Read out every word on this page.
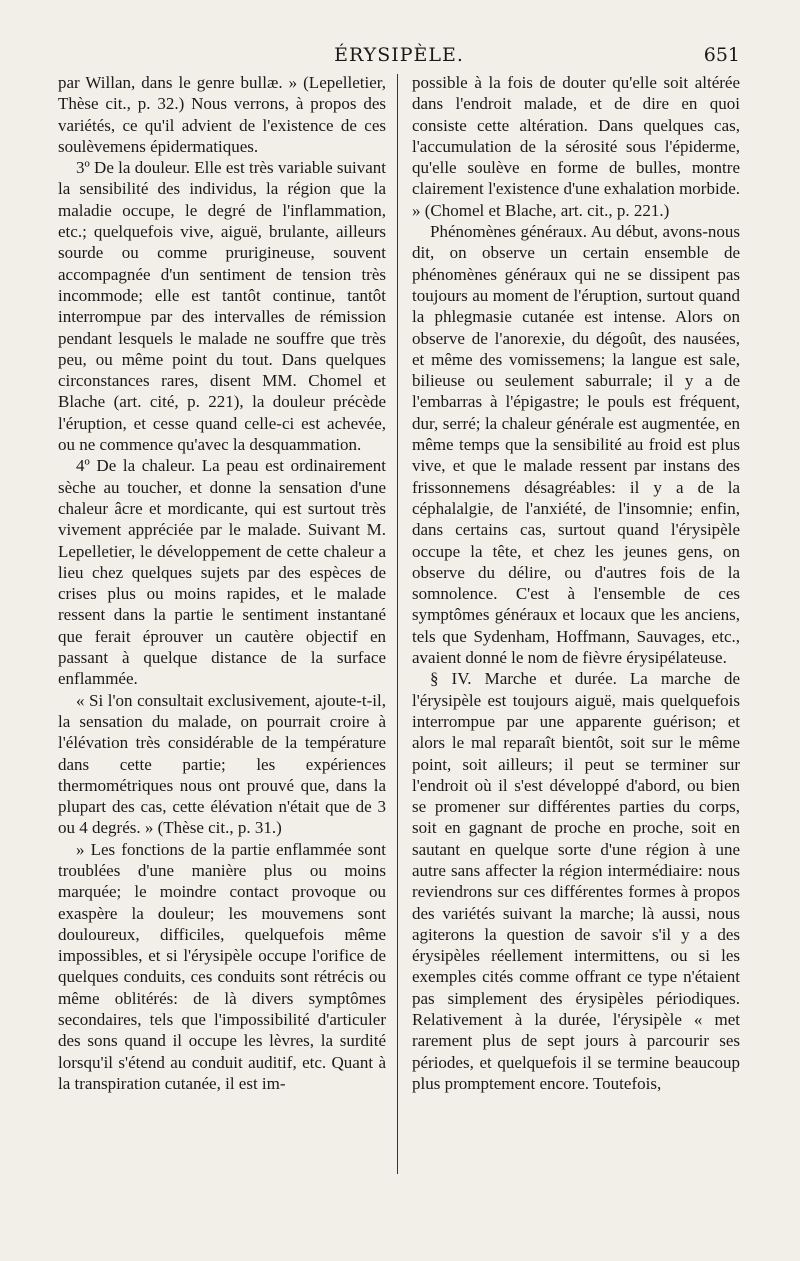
ÉRYSIPÈLE.	651

par Willan, dans le genre bullæ. » (Lepelletier, Thèse cit., p. 32.) Nous verrons, à propos des variétés, ce qu'il advient de l'existence de ces soulèvemens épidermatiques.

3º De la douleur. Elle est très variable suivant la sensibilité des individus, la région que la maladie occupe, le degré de l'inflammation, etc.; quelquefois vive, aiguë, brulante, ailleurs sourde ou comme prurigineuse, souvent accompagnée d'un sentiment de tension très incommode; elle est tantôt continue, tantôt interrompue par des intervalles de rémission pendant lesquels le malade ne souffre que très peu, ou même point du tout. Dans quelques circonstances rares, disent MM. Chomel et Blache (art. cité, p. 221), la douleur précède l'éruption, et cesse quand celle-ci est achevée, ou ne commence qu'avec la desquammation.

4º De la chaleur. La peau est ordinairement sèche au toucher, et donne la sensation d'une chaleur âcre et mordicante, qui est surtout très vivement appréciée par le malade. Suivant M. Lepelletier, le développement de cette chaleur a lieu chez quelques sujets par des espèces de crises plus ou moins rapides, et le malade ressent dans la partie le sentiment instantané que ferait éprouver un cautère objectif en passant à quelque distance de la surface enflammée.

« Si l'on consultait exclusivement, ajoute-t-il, la sensation du malade, on pourrait croire à l'élévation très considérable de la température dans cette partie; les expériences thermométriques nous ont prouvé que, dans la plupart des cas, cette élévation n'était que de 3 ou 4 degrés. » (Thèse cit., p. 31.)

» Les fonctions de la partie enflammée sont troublées d'une manière plus ou moins marquée; le moindre contact provoque ou exaspère la douleur; les mouvemens sont douloureux, difficiles, quelquefois même impossibles, et si l'érysipèle occupe l'orifice de quelques conduits, ces conduits sont rétrécis ou même oblitérés: de là divers symptômes secondaires, tels que l'impossibilité d'articuler des sons quand il occupe les lèvres, la surdité lorsqu'il s'étend au conduit auditif, etc. Quant à la transpiration cutanée, il est im-

possible à la fois de douter qu'elle soit altérée dans l'endroit malade, et de dire en quoi consiste cette altération. Dans quelques cas, l'accumulation de la sérosité sous l'épiderme, qu'elle soulève en forme de bulles, montre clairement l'existence d'une exhalation morbide. » (Chomel et Blache, art. cit., p. 221.)

Phénomènes généraux. Au début, avons-nous dit, on observe un certain ensemble de phénomènes généraux qui ne se dissipent pas toujours au moment de l'éruption, surtout quand la phlegmasie cutanée est intense. Alors on observe de l'anorexie, du dégoût, des nausées, et même des vomissemens; la langue est sale, bilieuse ou seulement saburrale; il y a de l'embarras à l'épigastre; le pouls est fréquent, dur, serré; la chaleur générale est augmentée, en même temps que la sensibilité au froid est plus vive, et que le malade ressent par instans des frissonnemens désagréables: il y a de la céphalalgie, de l'anxiété, de l'insomnie; enfin, dans certains cas, surtout quand l'érysipèle occupe la tête, et chez les jeunes gens, on observe du délire, ou d'autres fois de la somnolence. C'est à l'ensemble de ces symptômes généraux et locaux que les anciens, tels que Sydenham, Hoffmann, Sauvages, etc., avaient donné le nom de fièvre érysipélateuse.

§ IV. Marche et durée. La marche de l'érysipèle est toujours aiguë, mais quelquefois interrompue par une apparente guérison; et alors le mal reparaît bientôt, soit sur le même point, soit ailleurs; il peut se terminer sur l'endroit où il s'est développé d'abord, ou bien se promener sur différentes parties du corps, soit en gagnant de proche en proche, soit en sautant en quelque sorte d'une région à une autre sans affecter la région intermédiaire: nous reviendrons sur ces différentes formes à propos des variétés suivant la marche; là aussi, nous agiterons la question de savoir s'il y a des érysipèles réellement intermittens, ou si les exemples cités comme offrant ce type n'étaient pas simplement des érysipèles périodiques. Relativement à la durée, l'érysipèle « met rarement plus de sept jours à parcourir ses périodes, et quelquefois il se termine beaucoup plus promptement encore. Toutefois,
